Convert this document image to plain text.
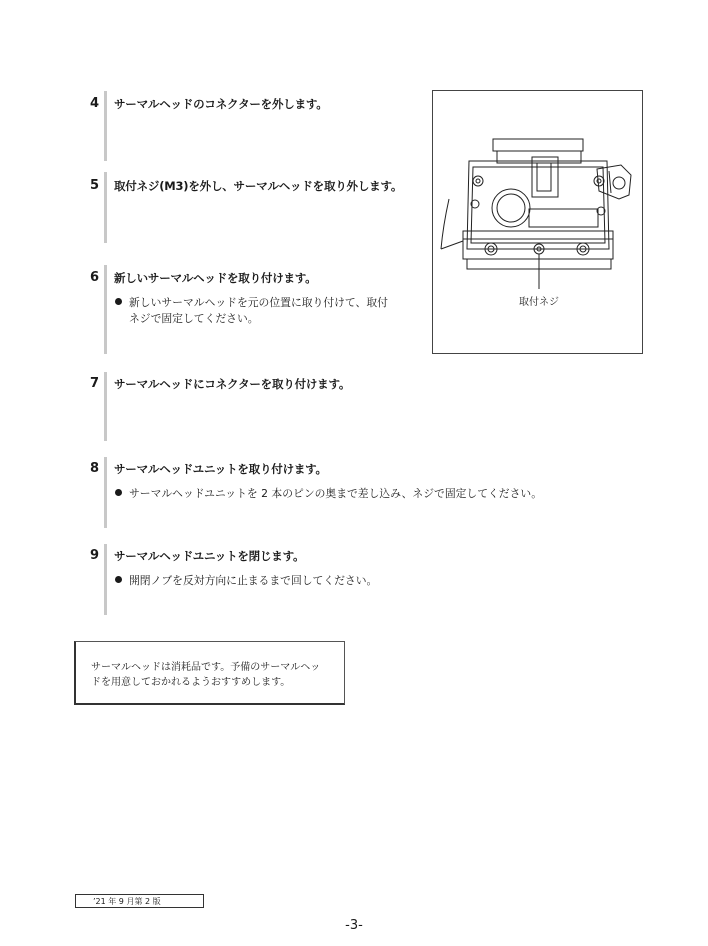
4 サーマルヘッドのコネクターを外します。
5 取付ネジ(M3)を外し、サーマルヘッドを取り外します。
6 新しいサーマルヘッドを取り付けます。
新しいサーマルヘッドを元の位置に取り付けて、取付
ネジで固定してください。
7 サーマルヘッドにコネクターを取り付けます。
8 サーマルヘッドユニットを取り付けます。
サーマルヘッドユニットを 2 本のピンの奥まで差し込み、ネジで固定してください。
9 サーマルヘッドユニットを閉じます。
開閉ノブを反対方向に止まるまで回してください。
取付ネジ
サーマルヘッドは消耗品です。予備のサーマルヘッ
ドを用意しておかれるようおすすめします。
’21 年 9 月第 2 版
-3-
